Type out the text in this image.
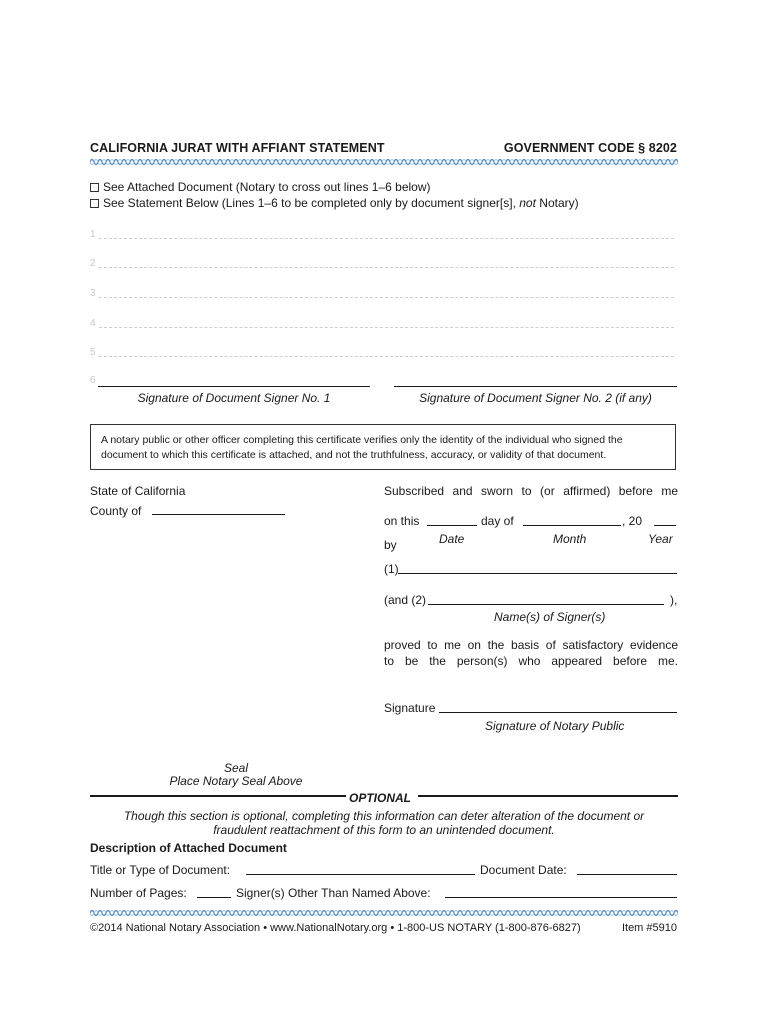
CALIFORNIA JURAT WITH AFFIANT STATEMENT	GOVERNMENT CODE § 8202
See Attached Document (Notary to cross out lines 1–6 below)
See Statement Below (Lines 1–6 to be completed only by document signer[s], not Notary)
1
2
3
4
5
6
Signature of Document Signer No. 1	Signature of Document Signer No. 2 (if any)
A notary public or other officer completing this certificate verifies only the identity of the individual who signed the document to which this certificate is attached, and not the truthfulness, accuracy, or validity of that document.
State of California
County of
Subscribed and sworn to (or affirmed) before me
on this	day of	, 20
Date	Month	Year
by
(1)
(and (2)	),
Name(s) of Signer(s)
proved to me on the basis of satisfactory evidence
to be the person(s) who appeared before me.
Signature
Signature of Notary Public
Seal
Place Notary Seal Above
OPTIONAL
Though this section is optional, completing this information can deter alteration of the document or
fraudulent reattachment of this form to an unintended document.
Description of Attached Document
Title or Type of Document:	Document Date:
Number of Pages:	Signer(s) Other Than Named Above:
©2014 National Notary Association • www.NationalNotary.org • 1-800-US NOTARY (1-800-876-6827)	Item #5910
